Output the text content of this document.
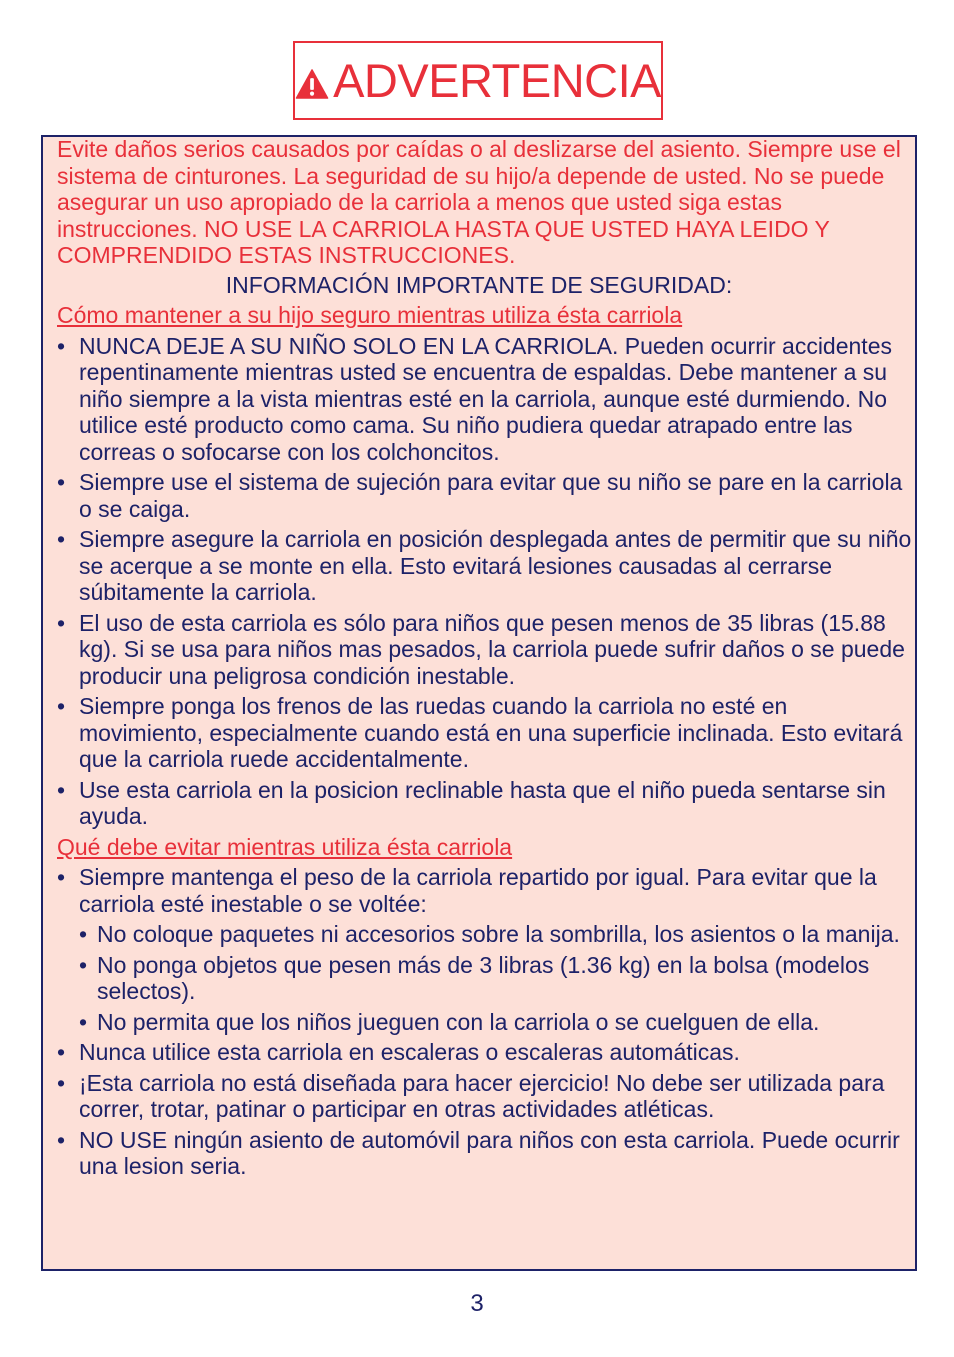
ADVERTENCIA
Evite daños serios causados por caídas o al deslizarse del asiento. Siempre use el sistema de cinturones. La seguridad de su hijo/a depende de usted. No se puede asegurar un uso apropiado de la carriola a menos que usted siga estas instrucciones. NO USE LA CARRIOLA HASTA QUE USTED HAYA LEIDO Y COMPRENDIDO ESTAS INSTRUCCIONES.
INFORMACIÓN IMPORTANTE DE SEGURIDAD:
Cómo mantener a su hijo seguro mientras utiliza ésta carriola
• NUNCA DEJE A SU NIÑO SOLO EN LA CARRIOLA. Pueden ocurrir accidentes repentinamente mientras usted se encuentra de espaldas. Debe mantener a su niño siempre a la vista mientras esté en la carriola, aunque esté durmiendo. No utilice esté producto como cama. Su niño pudiera quedar atrapado entre las correas o sofocarse con los colchoncitos.
• Siempre use el sistema de sujeción para evitar que su niño se pare en la carriola o se caiga.
• Siempre asegure la carriola en posición desplegada antes de permitir que su niño se acerque a se monte en ella. Esto evitará lesiones causadas al cerrarse súbitamente la carriola.
• El uso de esta carriola es sólo para niños que pesen menos de 35 libras (15.88 kg). Si se usa para niños mas pesados, la carriola puede sufrir daños o se puede producir una peligrosa condición inestable.
• Siempre ponga los frenos de las ruedas cuando la carriola no esté en movimiento, especialmente cuando está en una superficie inclinada. Esto evitará que la carriola ruede accidentalmente.
• Use esta carriola en la posicion reclinable hasta que el niño pueda sentarse sin ayuda.
Qué debe evitar mientras utiliza ésta carriola
• Siempre mantenga el peso de la carriola repartido por igual. Para evitar que la carriola esté inestable o se voltée:
• No coloque paquetes ni accesorios sobre la sombrilla, los asientos o la manija.
• No ponga objetos que pesen más de 3 libras (1.36 kg) en la bolsa (modelos selectos).
• No permita que los niños jueguen con la carriola o se cuelguen de ella.
• Nunca utilice esta carriola en escaleras o escaleras automáticas.
• ¡Esta carriola no está diseñada para hacer ejercicio! No debe ser utilizada para correr, trotar, patinar o participar en otras actividades atléticas.
• NO USE ningún asiento de automóvil para niños con esta carriola. Puede ocurrir una lesion seria.
3
